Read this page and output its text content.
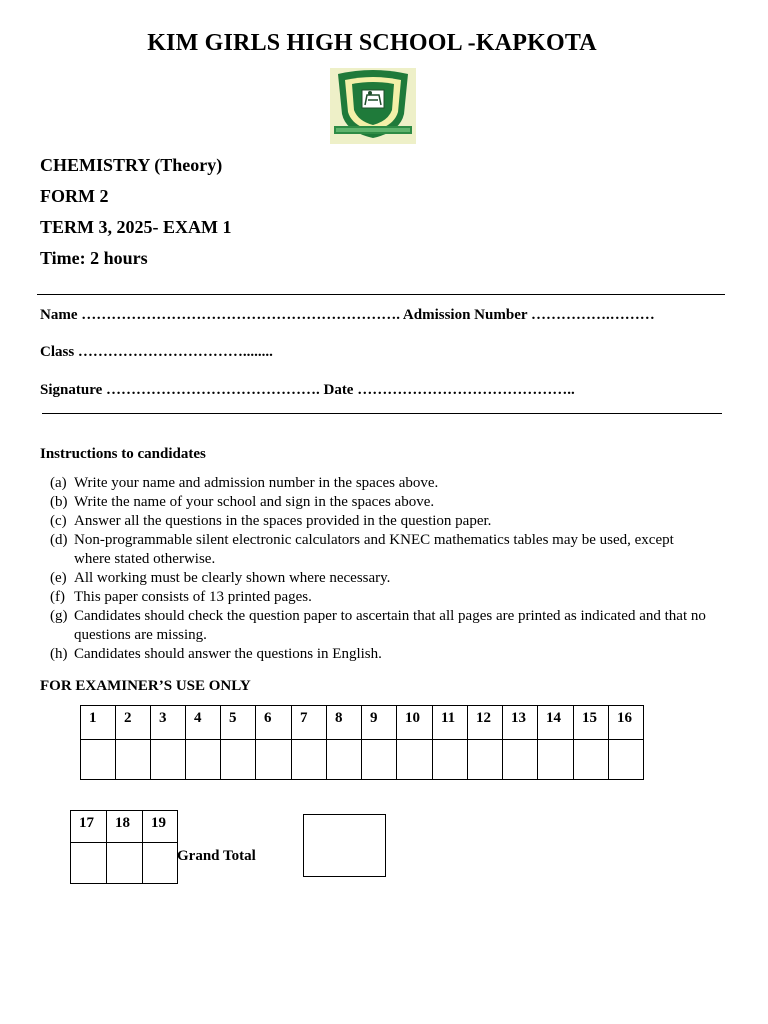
KIM GIRLS HIGH SCHOOL -KAPKOTA
CHEMISTRY (Theory)
FORM 2
TERM 3, 2025- EXAM 1
Time: 2 hours
Name ………………………………………………………. Admission Number …………….………
Class ……………………………........
Signature ……………………………………. Date ……………………………………..
Instructions to candidates
(a) Write your name and admission number in the spaces above.
(b) Write the name of your school and sign in the spaces above.
(c) Answer all the questions in the spaces provided in the question paper.
(d) Non-programmable silent electronic calculators and KNEC mathematics tables may be used, except where stated otherwise.
(e) All working must be clearly shown where necessary.
(f) This paper consists of 13 printed pages.
(g) Candidates should check the question paper to ascertain that all pages are printed as indicated and that no questions are missing.
(h) Candidates should answer the questions in English.
FOR EXAMINER’S USE ONLY
1	2	3	4	5	6	7	8	9	10	11	12	13	14	15	16

17	18	19

Grand Total
